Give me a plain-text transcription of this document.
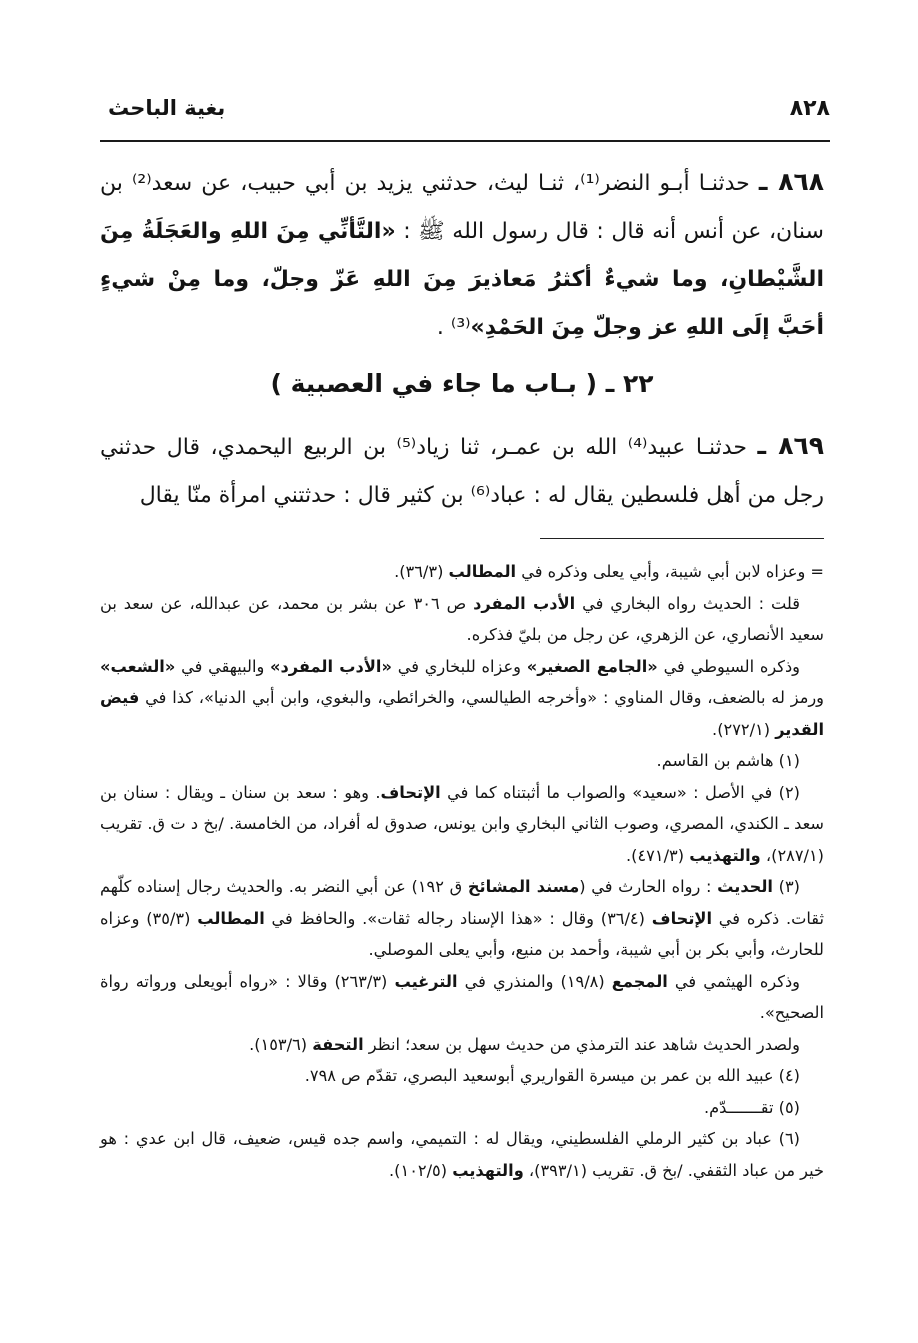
٨٢٨
بغية الباحث

٨٦٨ ـ حدثنـا أبـو النضر⁽¹⁾، ثنـا ليث، حدثني يزيد بن أبي حبيب، عن سعد⁽²⁾ بن سنان، عن أنس أنه قال : قال رسول الله ﷺ : «التَّأنِّي مِنَ اللهِ والعَجَلَةُ مِنَ الشَّيْطانِ، وما شيءٌ أكثرُ مَعاذيرَ مِنَ اللهِ عَزّ وجلّ، وما مِنْ شيءٍ أحَبَّ إلَى اللهِ عز وجلّ مِنَ الحَمْدِ»⁽³⁾ .

٢٢ ـ ( بـاب ما جاء في العصبية )

٨٦٩ ـ حدثنـا عبيد⁽⁴⁾ الله بن عمـر، ثنا زياد⁽⁵⁾ بن الربيع اليحمدي، قال حدثني رجل من أهل فلسطين يقال له : عباد⁽⁶⁾ بن كثير قال : حدثتني امرأة منّا يقال

= وعزاه لابن أبي شيبة، وأبي يعلى وذكره في المطالب (٣٦/٣).

قلت : الحديث رواه البخاري في الأدب المفرد ص ٣٠٦ عن بشر بن محمد، عن عبدالله، عن سعد بن سعيد الأنصاري، عن الزهري، عن رجل من بليّ فذكره.

وذكره السيوطي في «الجامع الصغير» وعزاه للبخاري في «الأدب المفرد» والبيهقي في «الشعب» ورمز له بالضعف، وقال المناوي : «وأخرجه الطيالسي، والخرائطي، والبغوي، وابن أبي الدنيا»، كذا في فيض القدير (٢٧٢/١).

(١) هاشم بن القاسم.

(٢) في الأصل : «سعيد» والصواب ما أثبتناه كما في الإتحاف. وهو : سعد بن سنان ـ ويقال : سنان بن سعد ـ الكندي، المصري، وصوب الثاني البخاري وابن يونس، صدوق له أفراد، من الخامسة. /بخ د ت ق. تقريب (٢٨٧/١)، والتهذيب (٤٧١/٣).

(٣) الحديث : رواه الحارث في (مسند المشائخ ق ١٩٢) عن أبي النضر به. والحديث رجال إسناده كلّهم ثقات. ذكره في الإتحاف (٣٦/٤) وقال : «هذا الإسناد رجاله ثقات». والحافظ في المطالب (٣٥/٣) وعزاه للحارث، وأبي بكر بن أبي شيبة، وأحمد بن منيع، وأبي يعلى الموصلي.

وذكره الهيثمي في المجمع (١٩/٨) والمنذري في الترغيب (٢٦٣/٣) وقالا : «رواه أبويعلى ورواته رواة الصحيح».

ولصدر الحديث شاهد عند الترمذي من حديث سهل بن سعد؛ انظر التحفة (١٥٣/٦).

(٤) عبيد الله بن عمر بن ميسرة القواريري أبوسعيد البصري، تقدّم ص ٧٩٨.

(٥) تقـــــــدّم.

(٦) عباد بن كثير الرملي الفلسطيني، ويقال له : التميمي، واسم جده قيس، ضعيف، قال ابن عدي : هو خير من عباد الثقفي. /بخ ق. تقريب (٣٩٣/١)، والتهذيب (١٠٢/٥).
